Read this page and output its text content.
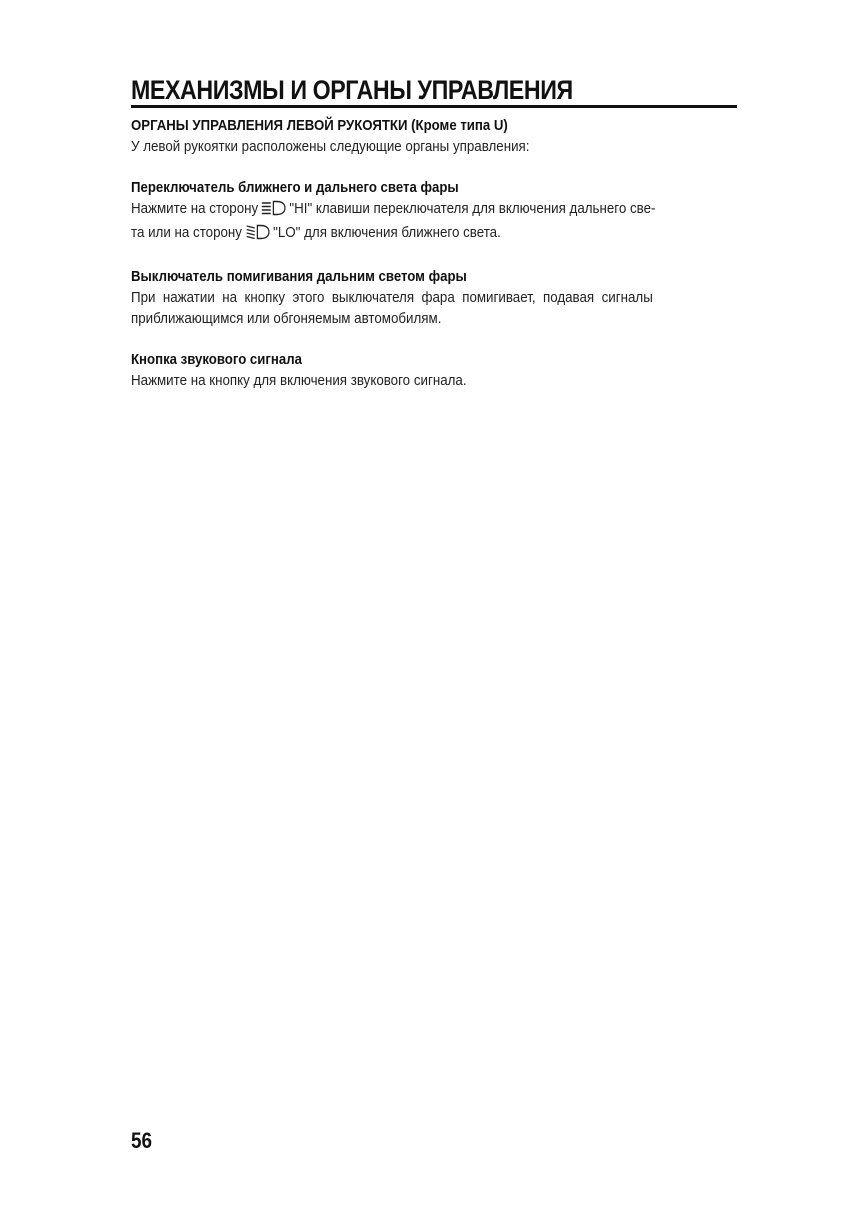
МЕХАНИЗМЫ И ОРГАНЫ УПРАВЛЕНИЯ
ОРГАНЫ УПРАВЛЕНИЯ ЛЕВОЙ РУКОЯТКИ (Кроме типа U)
У левой рукоятки расположены следующие органы управления:
Переключатель ближнего и дальнего света фары
Нажмите на сторону "HI" клавиши переключателя для включения дальнего све-
та или на сторону "LO" для включения ближнего света.
Выключатель помигивания дальним светом фары
При нажатии на кнопку этого выключателя фара помигивает, подавая сигналы
приближающимся или обгоняемым автомобилям.
Кнопка звукового сигнала
Нажмите на кнопку для включения звукового сигнала.
56
